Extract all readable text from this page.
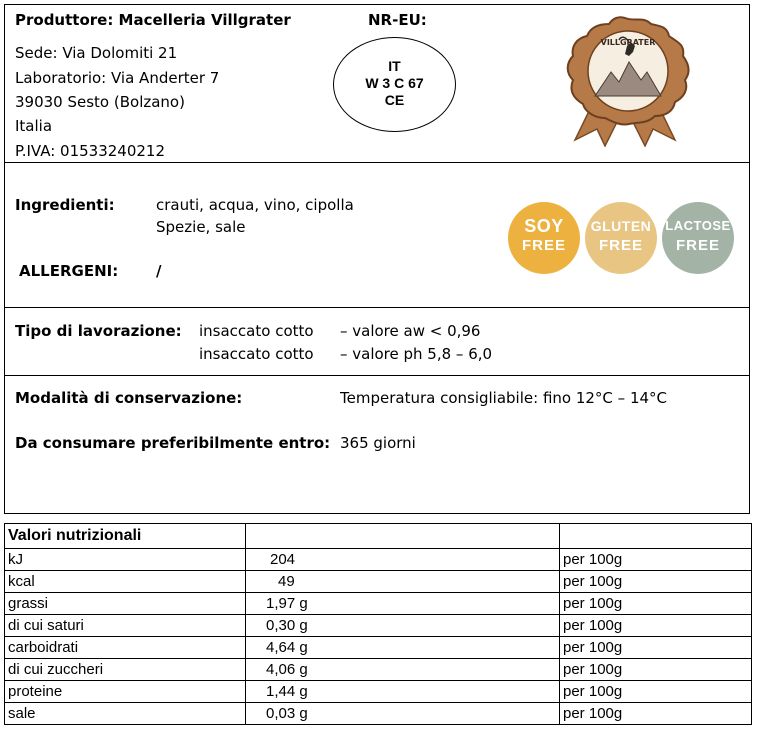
Produttore: Macelleria Villgrater
Sede: Via Dolomiti 21
Laboratorio: Via Anderter 7
39030 Sesto (Bolzano)
Italia
P.IVA: 01533240212
NR-EU:
IT
W 3 C 67
CE
VILLGRATER
Ingredienti:	crauti, acqua, vino, cipolla
Spezie, sale
ALLERGENI:	/
SOY
FREE
GLUTEN
FREE
LACTOSE
FREE
Tipo di lavorazione: insaccato cotto – valore aw < 0,96
insaccato cotto – valore ph 5,8 – 6,0
Modalità di conservazione:	Temperatura consigliabile: fino 12°C – 14°C
Da consumare preferibilmente entro: 365 giorni
Valori nutrizionali		
kJ	204	per 100g
kcal	49	per 100g
grassi	1,97 g	per 100g
di cui saturi	0,30 g	per 100g
carboidrati	4,64 g	per 100g
di cui zuccheri	4,06 g	per 100g
proteine	1,44 g	per 100g
sale	0,03 g	per 100g
